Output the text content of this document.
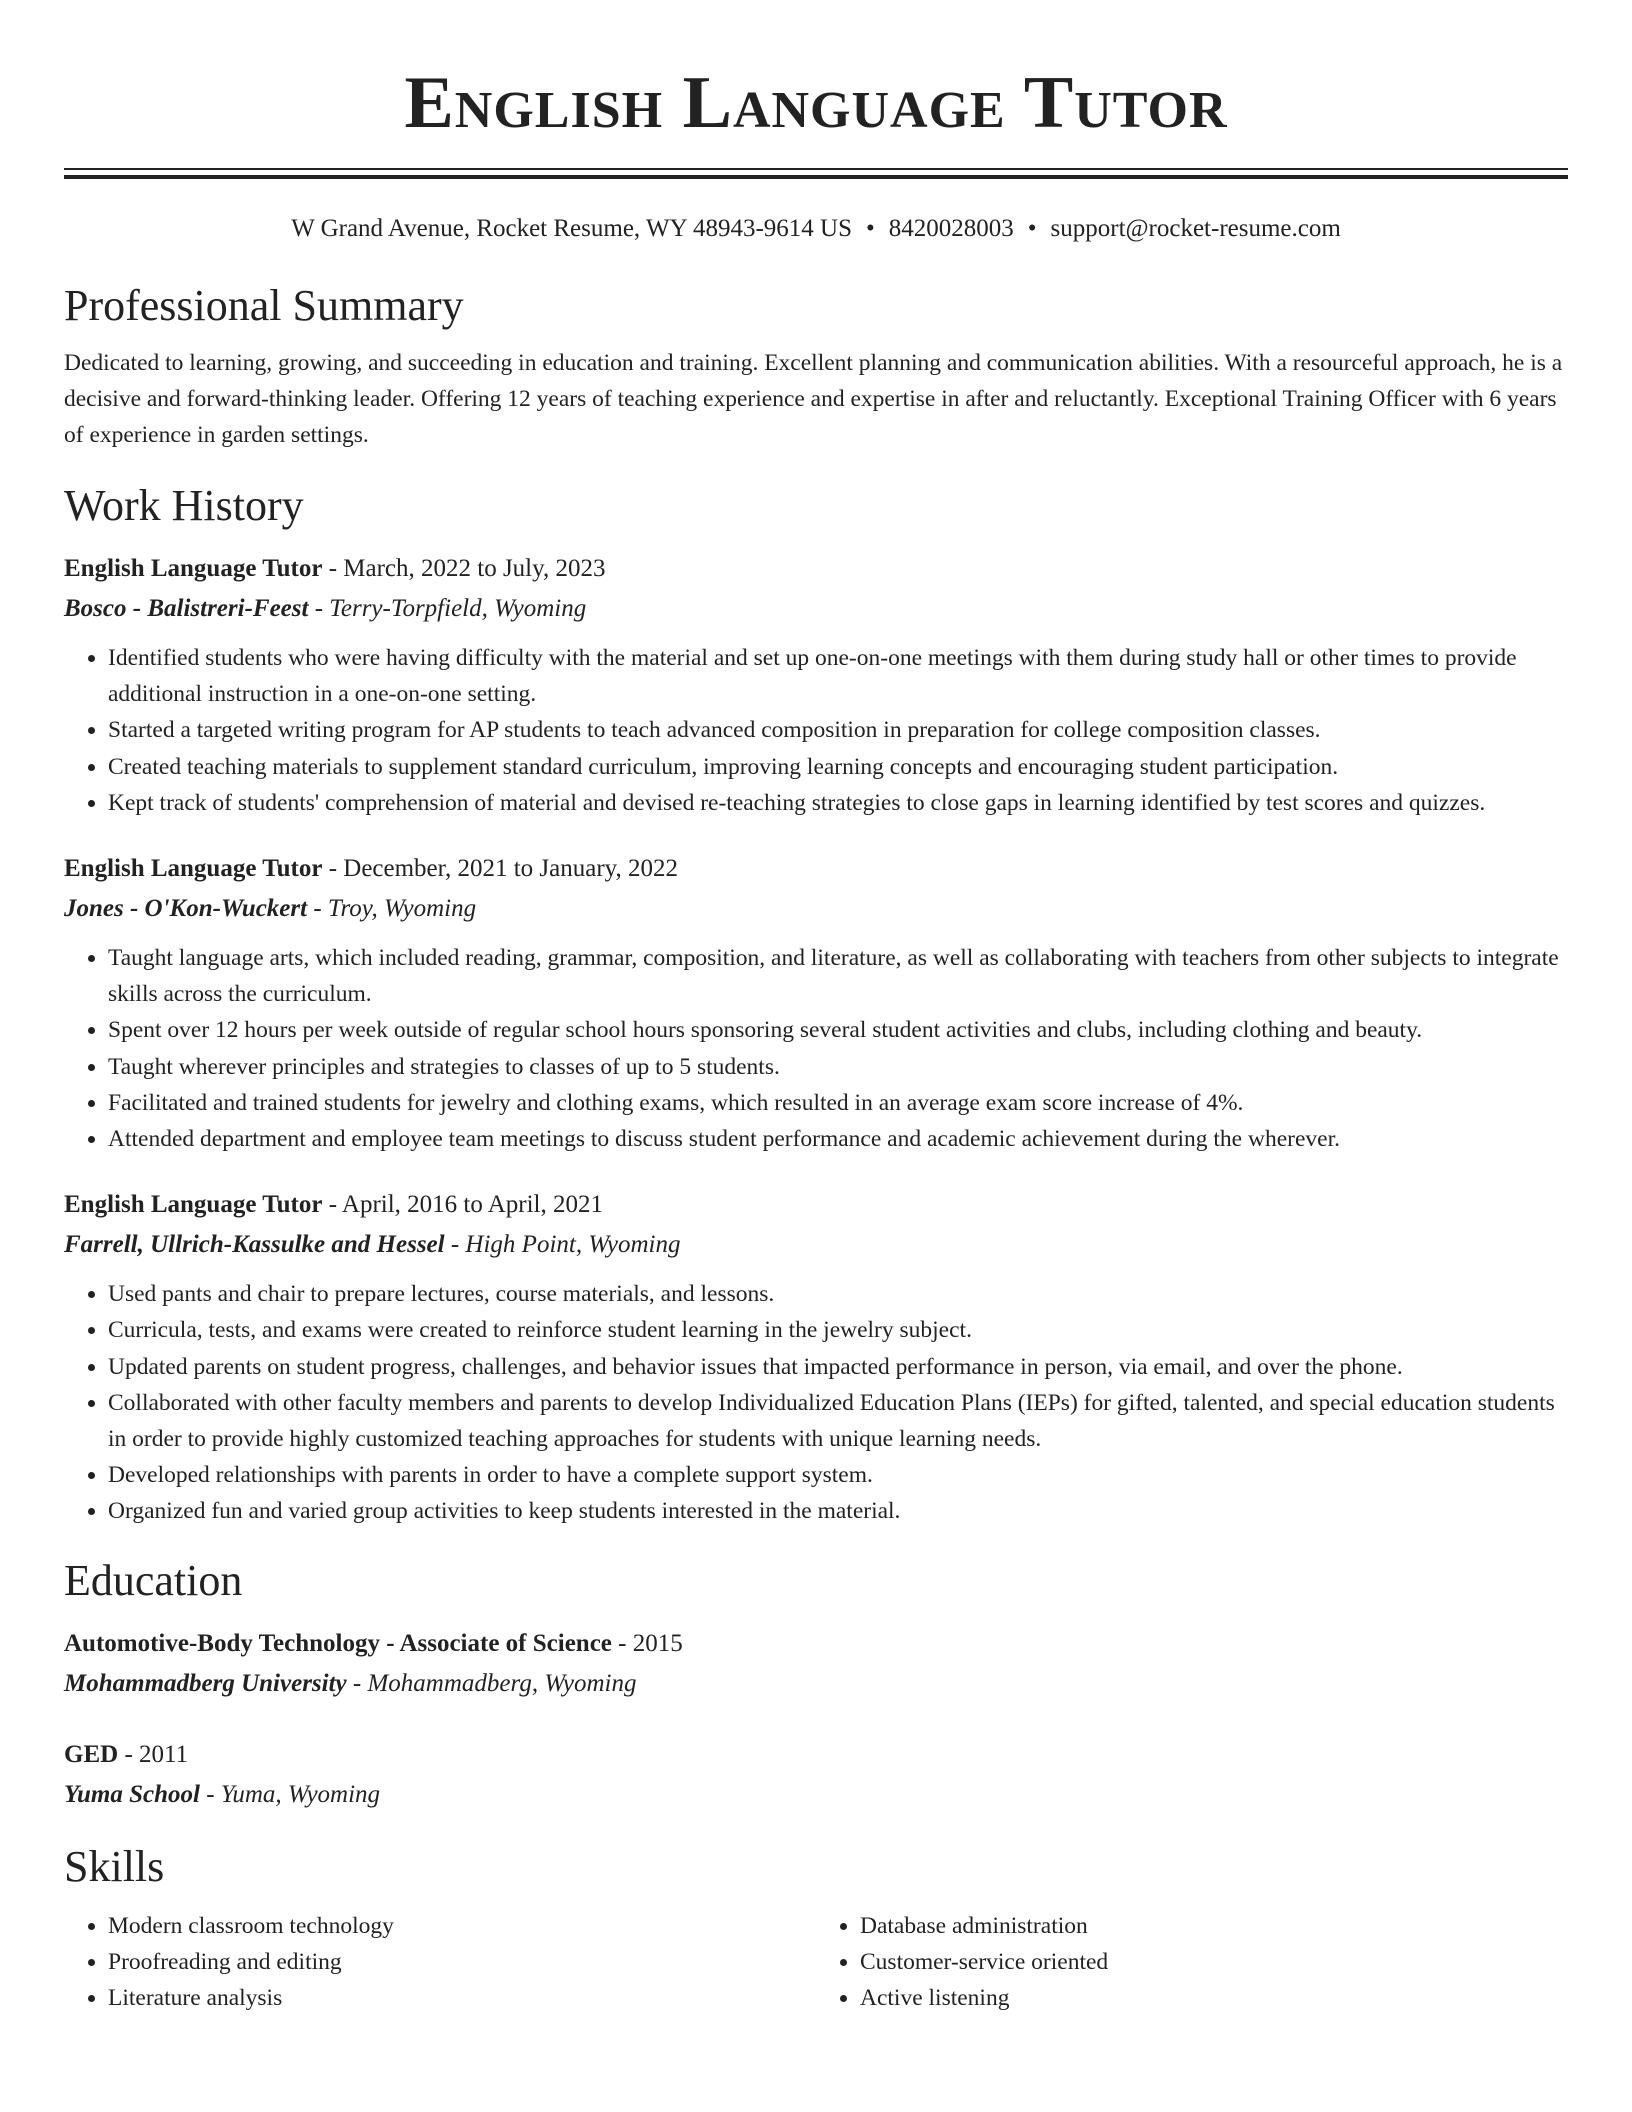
English Language Tutor
W Grand Avenue, Rocket Resume, WY 48943-9614 US • 8420028003 • support@rocket-resume.com
Professional Summary

Dedicated to learning, growing, and succeeding in education and training. Excellent planning and communication abilities. With a resourceful approach, he is a decisive and forward-thinking leader. Offering 12 years of teaching experience and expertise in after and reluctantly. Exceptional Training Officer with 6 years of experience in garden settings.

Work History
English Language Tutor - March, 2022 to July, 2023
Bosco - Balistreri-Feest - Terry-Torpfield, Wyoming
• Identified students who were having difficulty with the material and set up one-on-one meetings with them during study hall or other times to provide additional instruction in a one-on-one setting.
• Started a targeted writing program for AP students to teach advanced composition in preparation for college composition classes.
• Created teaching materials to supplement standard curriculum, improving learning concepts and encouraging student participation.
• Kept track of students' comprehension of material and devised re-teaching strategies to close gaps in learning identified by test scores and quizzes.
English Language Tutor - December, 2021 to January, 2022
Jones - O'Kon-Wuckert - Troy, Wyoming
• Taught language arts, which included reading, grammar, composition, and literature, as well as collaborating with teachers from other subjects to integrate skills across the curriculum.
• Spent over 12 hours per week outside of regular school hours sponsoring several student activities and clubs, including clothing and beauty.
• Taught wherever principles and strategies to classes of up to 5 students.
• Facilitated and trained students for jewelry and clothing exams, which resulted in an average exam score increase of 4%.
• Attended department and employee team meetings to discuss student performance and academic achievement during the wherever.
English Language Tutor - April, 2016 to April, 2021
Farrell, Ullrich-Kassulke and Hessel - High Point, Wyoming
• Used pants and chair to prepare lectures, course materials, and lessons.
• Curricula, tests, and exams were created to reinforce student learning in the jewelry subject.
• Updated parents on student progress, challenges, and behavior issues that impacted performance in person, via email, and over the phone.
• Collaborated with other faculty members and parents to develop Individualized Education Plans (IEPs) for gifted, talented, and special education students in order to provide highly customized teaching approaches for students with unique learning needs.
• Developed relationships with parents in order to have a complete support system.
• Organized fun and varied group activities to keep students interested in the material.
Education
Automotive-Body Technology - Associate of Science - 2015
Mohammadberg University - Mohammadberg, Wyoming
GED - 2011
Yuma School - Yuma, Wyoming
Skills
• Modern classroom technology
• Proofreading and editing
• Literature analysis
• Database administration
• Customer-service oriented
• Active listening
